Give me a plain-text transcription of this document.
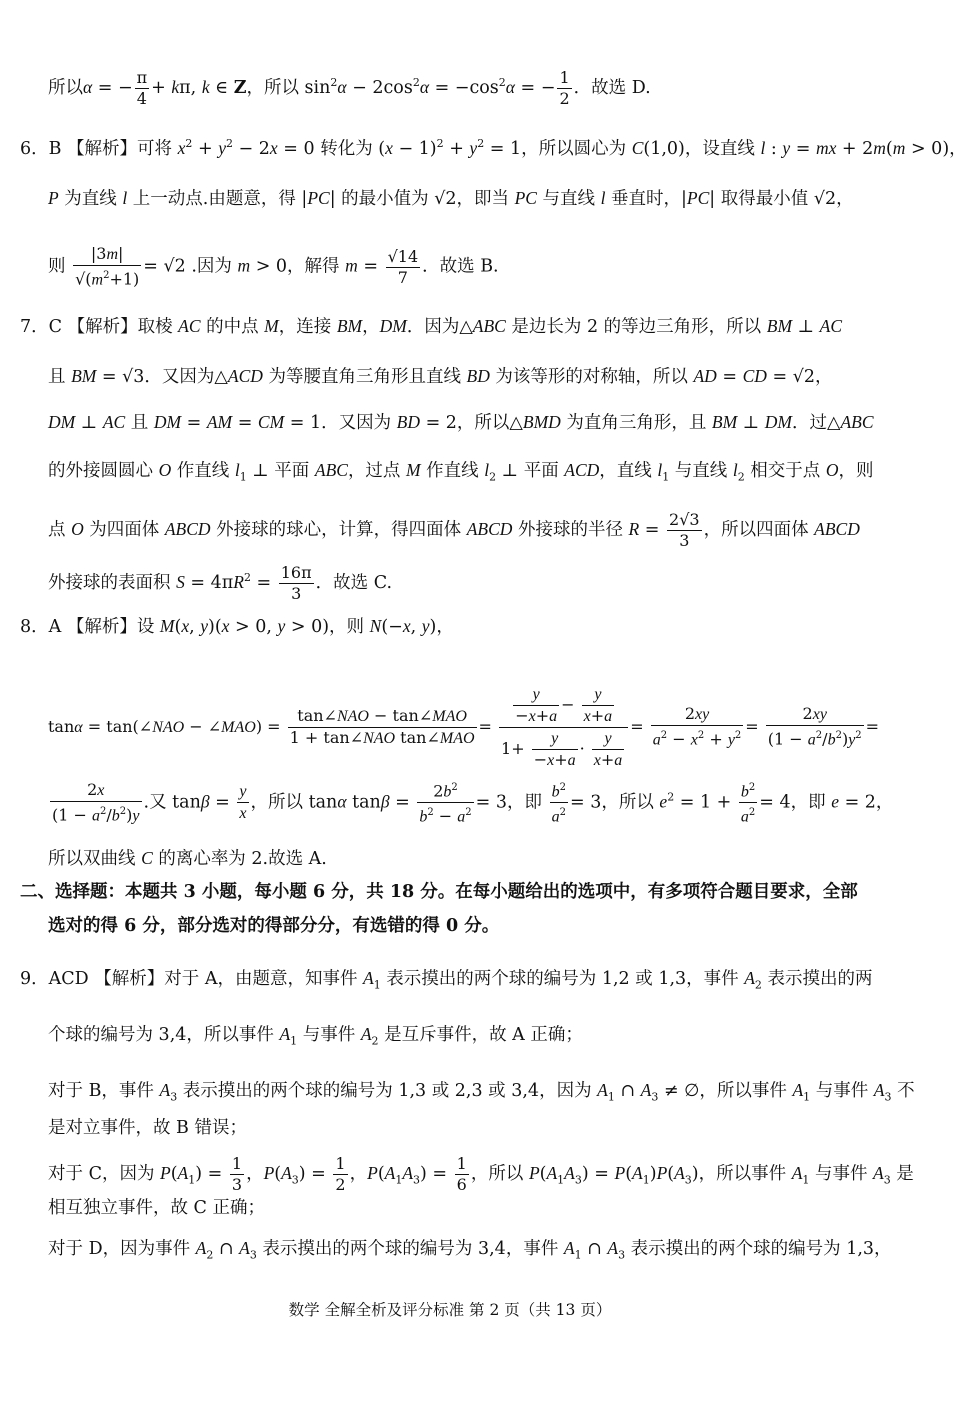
所以α = − $\frac{\pi}{4} + k\pi$, k ∈ Z，所以 $\sin^2\alpha - 2\cos^2\alpha = -\cos^2\alpha$ = − $\frac{1}{2}$ ．故选 D.
6．B 【解析】可将 $x^2 + y^2 - 2x = 0$ 转化为 $(x - 1)^2 + y^2 = 1$，所以圆心为 C(1,0)，设直线 l : y = mx + 2m(m > 0)，
P 为直线 l 上一动点.由题意，得 |PC| 的最小值为 √2，即当 PC 与直线 l 垂直时，|PC| 取得最小值 √2，
则 $\frac{|3m|}{√(m^2+1)} = √2$ .因为 m > 0，解得 $m = \frac{√14}{7}$ ．故选 B.
7．C 【解析】取棱 AC 的中点 M，连接 BM，DM．因为△ABC 是边长为 2 的等边三角形，所以 BM ⊥ AC
且 BM = √3．又因为△ACD 为等腰直角三角形且直线 BD 为该等形的对称轴，所以 AD = CD = √2，
DM ⊥ AC 且 DM = AM = CM = 1．又因为 BD = 2，所以△BMD 为直角三角形，且 BM ⊥ DM．过△ABC
的外接圆圆心 O 作直线 $l_1$ ⊥ 平面 ABC，过点 M 作直线 $l_2$ ⊥ 平面 ACD，直线 $l_1$ 与直线 $l_2$ 相交于点 O，则
点 O 为四面体 ABCD 外接球的球心，计算，得四面体 ABCD 外接球的半径 $R = \frac{2√3}{3}$ ，所以四面体 ABCD
外接球的表面积 $S = 4\pi R^2 = \frac{16\pi}{3}$ ．故选 C.
8．A 【解析】设 M(x, y)(x > 0, y > 0)，则 N(−x, y)，
tanα = tan(∠NAO − ∠MAO) = $\frac{\text{tan∠NAO − tan∠MAO}}{\text{1 + tan∠NAO tan∠MAO}} = \frac{\frac{y}{-x+a} - \frac{y}{x+a}}{1+ \frac{y}{-x+a} \cdot \frac{y}{x+a}} = \frac{2xy}{a^2 - x^2 + y^2} = \frac{2xy}{(1 - a^2/b^2)y^2}$ =
$\frac{2x}{(1 - a^2/b^2)y}$ .又 $\tan\beta = \frac{y}{x}$ ，所以 tanα $\tan\beta = \frac{2b^2}{b^2 - a^2} = 3$，即 $\frac{b^2}{a^2} = 3$，所以 $e^2 = 1 + \frac{b^2}{a^2} = 4$，即 e = 2，
所以双曲线 C 的离心率为 2.故选 A.
二、选择题：本题共 3 小题，每小题 6 分，共 18 分。在每小题给出的选项中，有多项符合题目要求，全部
选对的得 6 分，部分选对的得部分分，有选错的得 0 分。
9．ACD 【解析】对于 A，由题意，知事件 $A_1$ 表示摸出的两个球的编号为 1,2 或 1,3，事件 $A_2$ 表示摸出的两
个球的编号为 3,4，所以事件 $A_1$ 与事件 $A_2$ 是互斥事件，故 A 正确；
对于 B，事件 $A_3$ 表示摸出的两个球的编号为 1,3 或 2,3 或 3,4，因为 $A_1$ ∩ $A_3$ ≠ ∅，所以事件 $A_1$ 与事件 $A_3$ 不
是对立事件，故 B 错误；
对于 C，因为 $P(A_1) = \frac{1}{3}$ ，$P(A_3) = \frac{1}{2}$ ，$P(A_1A_3) = \frac{1}{6}$ ，所以 $P(A_1A_3) = P(A_1)P(A_3)$，所以事件 $A_1$ 与事件 $A_3$ 是
相互独立事件，故 C 正确；
对于 D，因为事件 $A_2$ ∩ $A_3$ 表示摸出的两个球的编号为 3,4，事件 $A_1$ ∩ $A_3$ 表示摸出的两个球的编号为 1,3，
数学 全解全析及评分标准 第 2 页（共 13 页）
